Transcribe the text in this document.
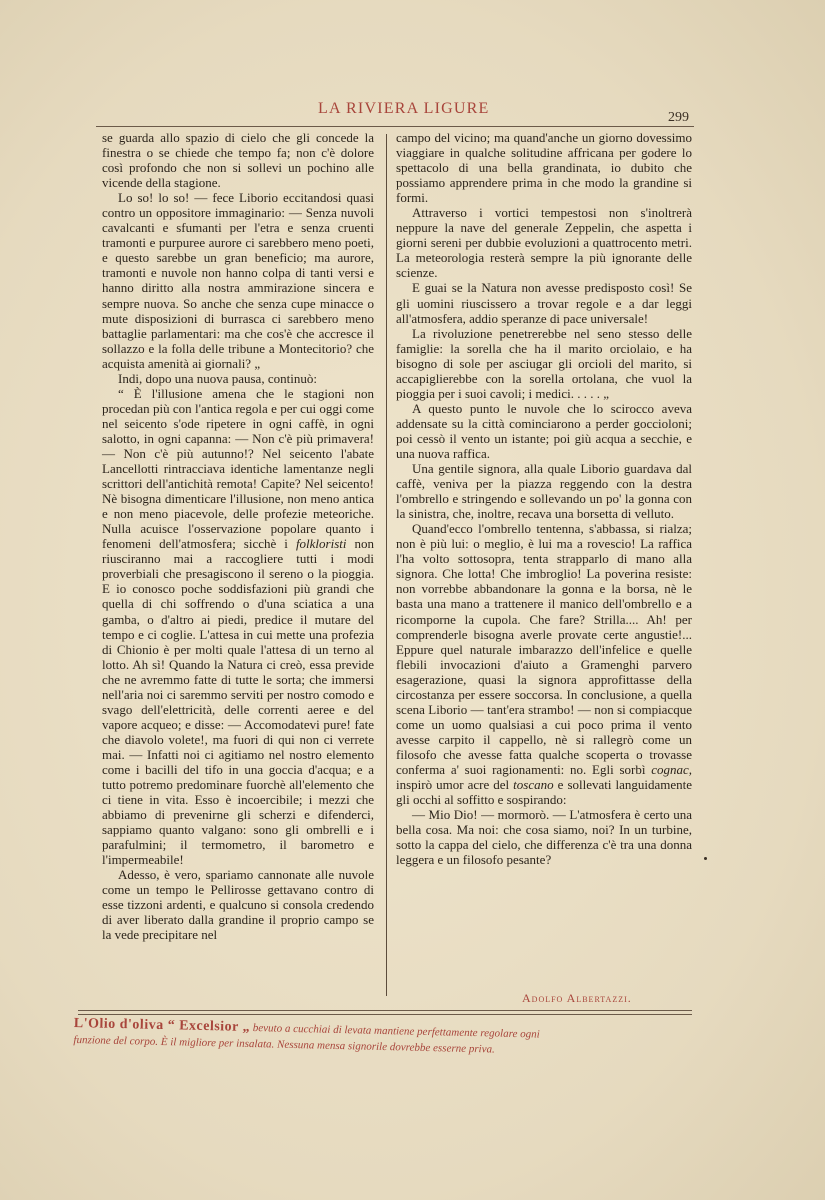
LA RIVIERA LIGURE
299

se guarda allo spazio di cielo che gli concede la finestra o se chiede che tempo fa; non c'è dolore così profondo che non si sollevi un pochino alle vicende della stagione.

Lo so! lo so! — fece Liborio eccitandosi quasi contro un oppositore immaginario: — Senza nuvoli cavalcanti e sfumanti per l'etra e senza cruenti tramonti e purpuree aurore ci sarebbero meno poeti, e questo sarebbe un gran beneficio; ma aurore, tramonti e nuvole non hanno colpa di tanti versi e hanno diritto alla nostra ammirazione sincera e sempre nuova. So anche che senza cupe minacce o mute disposizioni di burrasca ci sarebbero meno battaglie parlamentari: ma che cos'è che accresce il sollazzo e la folla delle tribune a Montecitorio? che acquista amenità ai giornali? „

Indi, dopo una nuova pausa, continuò:

“ È l'illusione amena che le stagioni non procedan più con l'antica regola e per cui oggi come nel seicento s'ode ripetere in ogni caffè, in ogni salotto, in ogni capanna: — Non c'è più primavera! — Non c'è più autunno!? Nel seicento l'abate Lancellotti rintracciava identiche lamentanze negli scrittori dell'antichità remota! Capite? Nel seicento! Nè bisogna dimenticare l'illusione, non meno antica e non meno piacevole, delle profezie meteoriche. Nulla acuisce l'osservazione popolare quanto i fenomeni dell'atmosfera; sicchè i folkloristi non riusciranno mai a raccogliere tutti i modi proverbiali che presagiscono il sereno o la pioggia. E io conosco poche soddisfazioni più grandi che quella di chi soffrendo o d'una sciatica a una gamba, o d'altro ai piedi, predice il mutare del tempo e ci coglie. L'attesa in cui mette una profezia di Chionio è per molti quale l'attesa di un terno al lotto. Ah sì! Quando la Natura ci creò, essa previde che ne avremmo fatte di tutte le sorta; che immersi nell'aria noi ci saremmo serviti per nostro comodo e svago dell'elettricità, delle correnti aeree e del vapore acqueo; e disse: — Accomodatevi pure! fate che diavolo volete!, ma fuori di qui non ci verrete mai. — Infatti noi ci agitiamo nel nostro elemento come i bacilli del tifo in una goccia d'acqua; e a tutto potremo predominare fuorchè all'elemento che ci tiene in vita. Esso è incoercibile; i mezzi che abbiamo di prevenirne gli scherzi e difenderci, sappiamo quanto valgano: sono gli ombrelli e i parafulmini; il termometro, il barometro e l'impermeabile!

Adesso, è vero, spariamo cannonate alle nuvole come un tempo le Pellirosse gettavano contro di esse tizzoni ardenti, e qualcuno si consola credendo di aver liberato dalla grandine il proprio campo se la vede precipitare nel

campo del vicino; ma quand'anche un giorno dovessimo viaggiare in qualche solitudine affricana per godere lo spettacolo di una bella grandinata, io dubito che possiamo apprendere prima in che modo la grandine si formi.

Attraverso i vortici tempestosi non s'inoltrerà neppure la nave del generale Zeppelin, che aspetta i giorni sereni per dubbie evoluzioni a quattrocento metri. La meteorologia resterà sempre la più ignorante delle scienze.

E guai se la Natura non avesse predisposto così! Se gli uomini riuscissero a trovar regole e a dar leggi all'atmosfera, addio speranze di pace universale!

La rivoluzione penetrerebbe nel seno stesso delle famiglie: la sorella che ha il marito orciolaio, e ha bisogno di sole per asciugar gli orcioli del marito, si accapiglierebbe con la sorella ortolana, che vuol la pioggia per i suoi cavoli; i medici. . . . . „

A questo punto le nuvole che lo scirocco aveva addensate su la città cominciarono a perder goccioloni; poi cessò il vento un istante; poi giù acqua a secchie, e una nuova raffica.

Una gentile signora, alla quale Liborio guardava dal caffè, veniva per la piazza reggendo con la destra l'ombrello e stringendo e sollevando un po' la gonna con la sinistra, che, inoltre, recava una borsetta di velluto.

Quand'ecco l'ombrello tentenna, s'abbassa, si rialza; non è più lui: o meglio, è lui ma a rovescio! La raffica l'ha volto sottosopra, tenta strapparlo di mano alla signora. Che lotta! Che imbroglio! La poverina resiste: non vorrebbe abbandonare la gonna e la borsa, nè le basta una mano a trattenere il manico dell'ombrello e a ricomporne la cupola. Che fare? Strilla.... Ah! per comprenderle bisogna averle provate certe angustie!... Eppure quel naturale imbarazzo dell'infelice e quelle flebili invocazioni d'aiuto a Gramenghi parvero esagerazione, quasi la signora approfittasse della circostanza per essere soccorsa. In conclusione, a quella scena Liborio — tant'era strambo! — non si compiacque come un uomo qualsiasi a cui poco prima il vento avesse carpito il cappello, nè si rallegrò come un filosofo che avesse fatta qualche scoperta o trovasse conferma a' suoi ragionamenti: no. Egli sorbì cognac, inspirò umor acre del toscano e sollevati languidamente gli occhi al soffitto e sospirando:

— Mio Dio! — mormorò. — L'atmosfera è certo una bella cosa. Ma noi: che cosa siamo, noi? In un turbine, sotto la cappa del cielo, che differenza c'è tra una donna leggera e un filosofo pesante?

Adolfo Albertazzi.
L'Olio d'oliva “ Excelsior „ bevuto a cucchiai di levata mantiene perfettamente regolare ogni
funzione del corpo. È il migliore per insalata. Nessuna mensa signorile dovrebbe esserne priva.
